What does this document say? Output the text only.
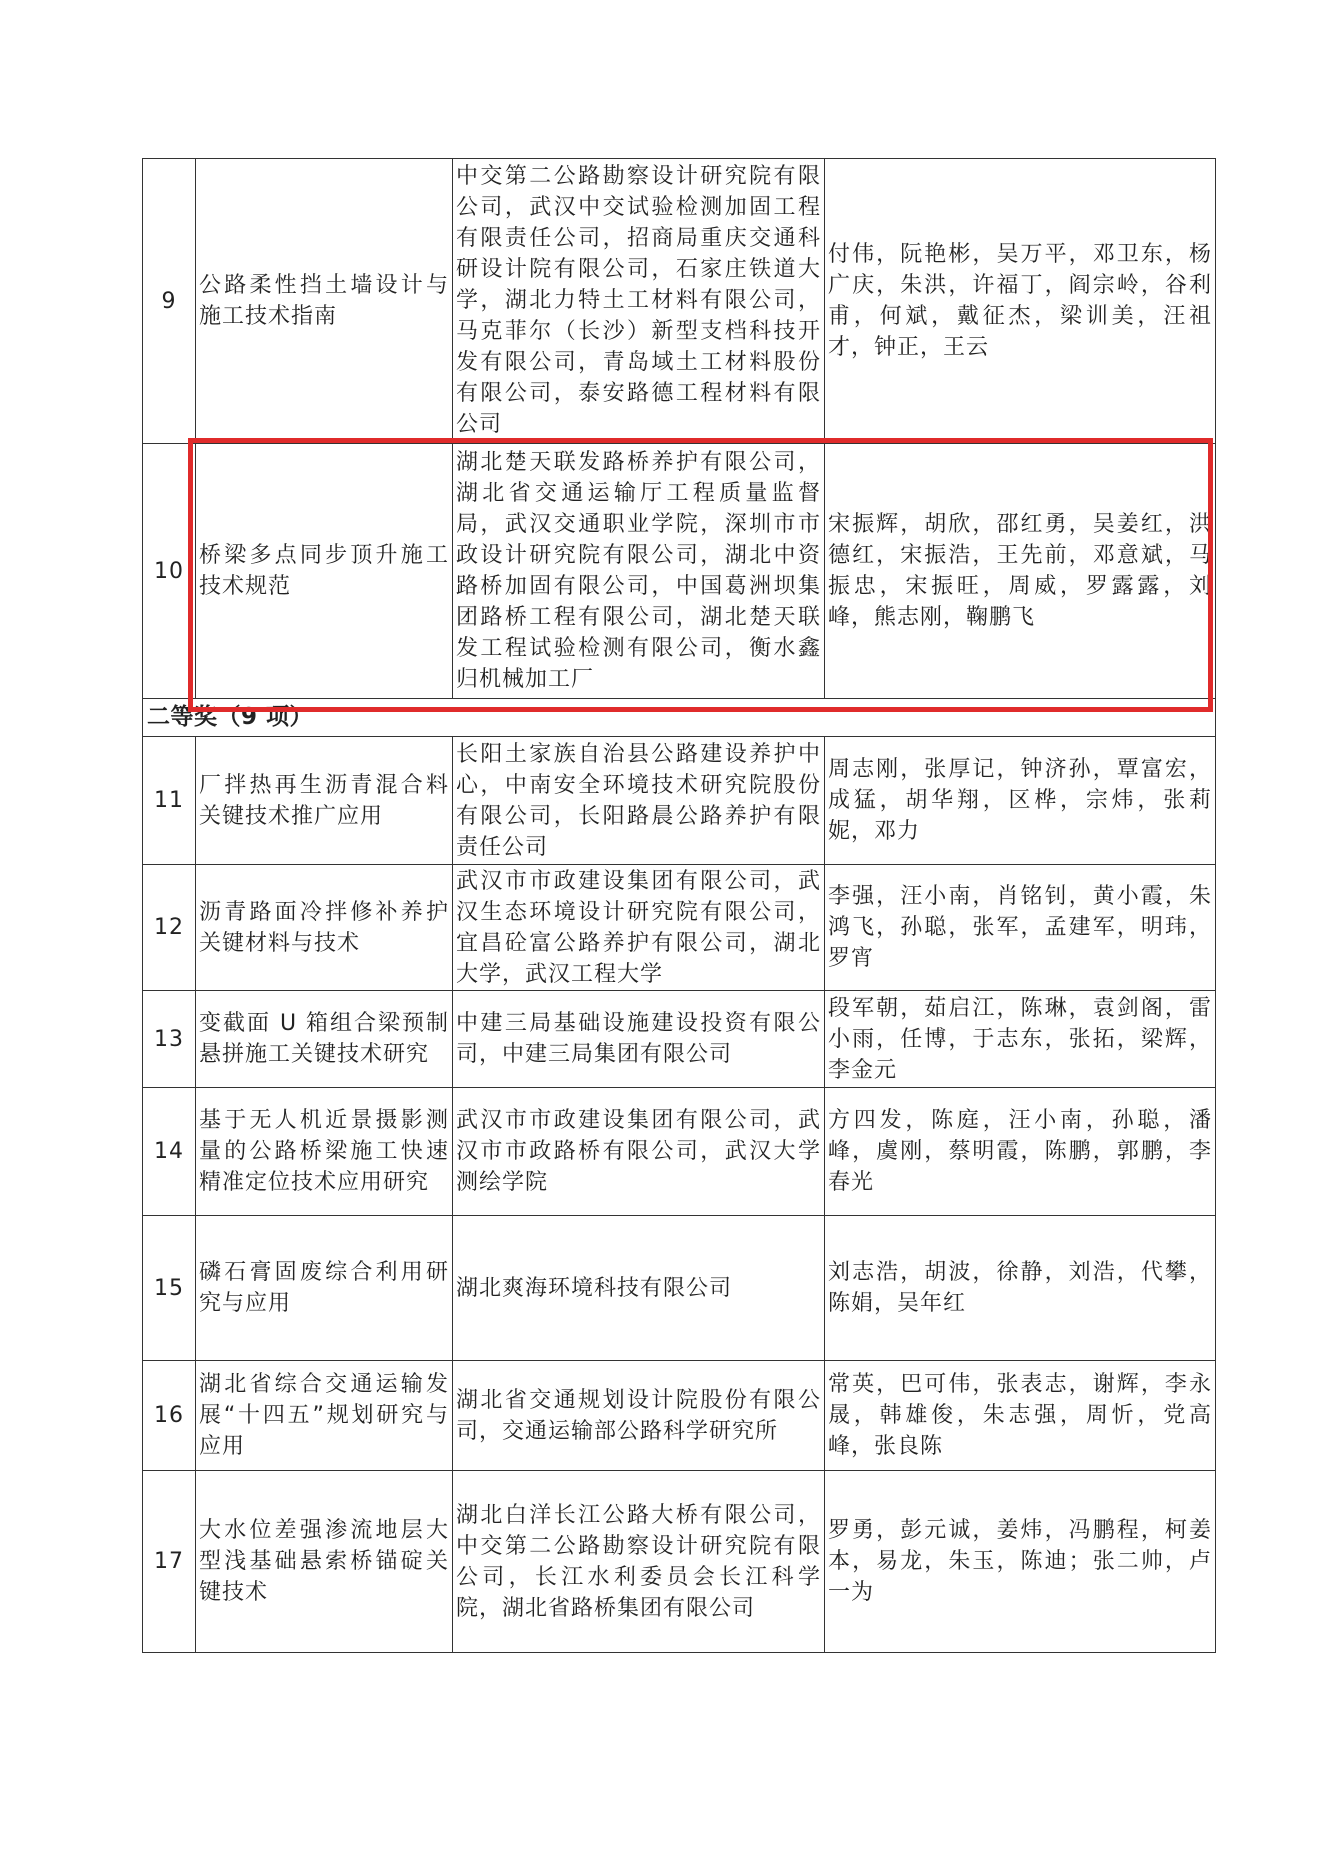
9	公路柔性挡土墙设计与施工技术指南	中交第二公路勘察设计研究院有限公司，武汉中交试验检测加固工程有限责任公司，招商局重庆交通科研设计院有限公司，石家庄铁道大学，湖北力特土工材料有限公司，马克菲尔（长沙）新型支档科技开发有限公司，青岛域土工材料股份有限公司，泰安路德工程材料有限公司	付伟，阮艳彬，吴万平，邓卫东，杨广庆，朱洪，许福丁，阎宗岭，谷利甫，何斌，戴征杰，梁训美，汪祖才，钟正，王云
10	桥梁多点同步顶升施工技术规范	湖北楚天联发路桥养护有限公司，湖北省交通运输厅工程质量监督局，武汉交通职业学院，深圳市市政设计研究院有限公司，湖北中资路桥加固有限公司，中国葛洲坝集团路桥工程有限公司，湖北楚天联发工程试验检测有限公司，衡水鑫归机械加工厂	宋振辉，胡欣，邵红勇，吴姜红，洪德红，宋振浩，王先前，邓意斌，马振忠，宋振旺，周威，罗露露，刘峰，熊志刚，鞠鹏飞
二等奖（9 项）			
11	厂拌热再生沥青混合料关键技术推广应用	长阳土家族自治县公路建设养护中心，中南安全环境技术研究院股份有限公司，长阳路晨公路养护有限责任公司	周志刚，张厚记，钟济孙，覃富宏，成猛，胡华翔，区桦，宗炜，张莉妮，邓力
12	沥青路面冷拌修补养护关键材料与技术	武汉市市政建设集团有限公司，武汉生态环境设计研究院有限公司，宜昌砼富公路养护有限公司，湖北大学，武汉工程大学	李强，汪小南，肖铭钊，黄小霞，朱鸿飞，孙聪，张军，孟建军，明玮，罗宵
13	变截面 U 箱组合梁预制悬拼施工关键技术研究	中建三局基础设施建设投资有限公司，中建三局集团有限公司	段军朝，茹启江，陈琳，袁剑阁，雷小雨，任博，于志东，张拓，梁辉，李金元
14	基于无人机近景摄影测量的公路桥梁施工快速精准定位技术应用研究	武汉市市政建设集团有限公司，武汉市市政路桥有限公司，武汉大学测绘学院	方四发，陈庭，汪小南，孙聪，潘峰，虞刚，蔡明霞，陈鹏，郭鹏，李春光
15	磷石膏固废综合利用研究与应用	湖北爽海环境科技有限公司	刘志浩，胡波，徐静，刘浩，代攀，陈娟，吴年红
16	湖北省综合交通运输发展“十四五”规划研究与应用	湖北省交通规划设计院股份有限公司，交通运输部公路科学研究所	常英，巴可伟，张表志，谢辉，李永晟，韩雄俊，朱志强，周忻，党高峰，张良陈
17	大水位差强渗流地层大型浅基础悬索桥锚碇关键技术	湖北白洋长江公路大桥有限公司，中交第二公路勘察设计研究院有限公司，长江水利委员会长江科学院，湖北省路桥集团有限公司	罗勇，彭元诚，姜炜，冯鹏程，柯姜本，易龙，朱玉，陈迪；张二帅，卢一为
